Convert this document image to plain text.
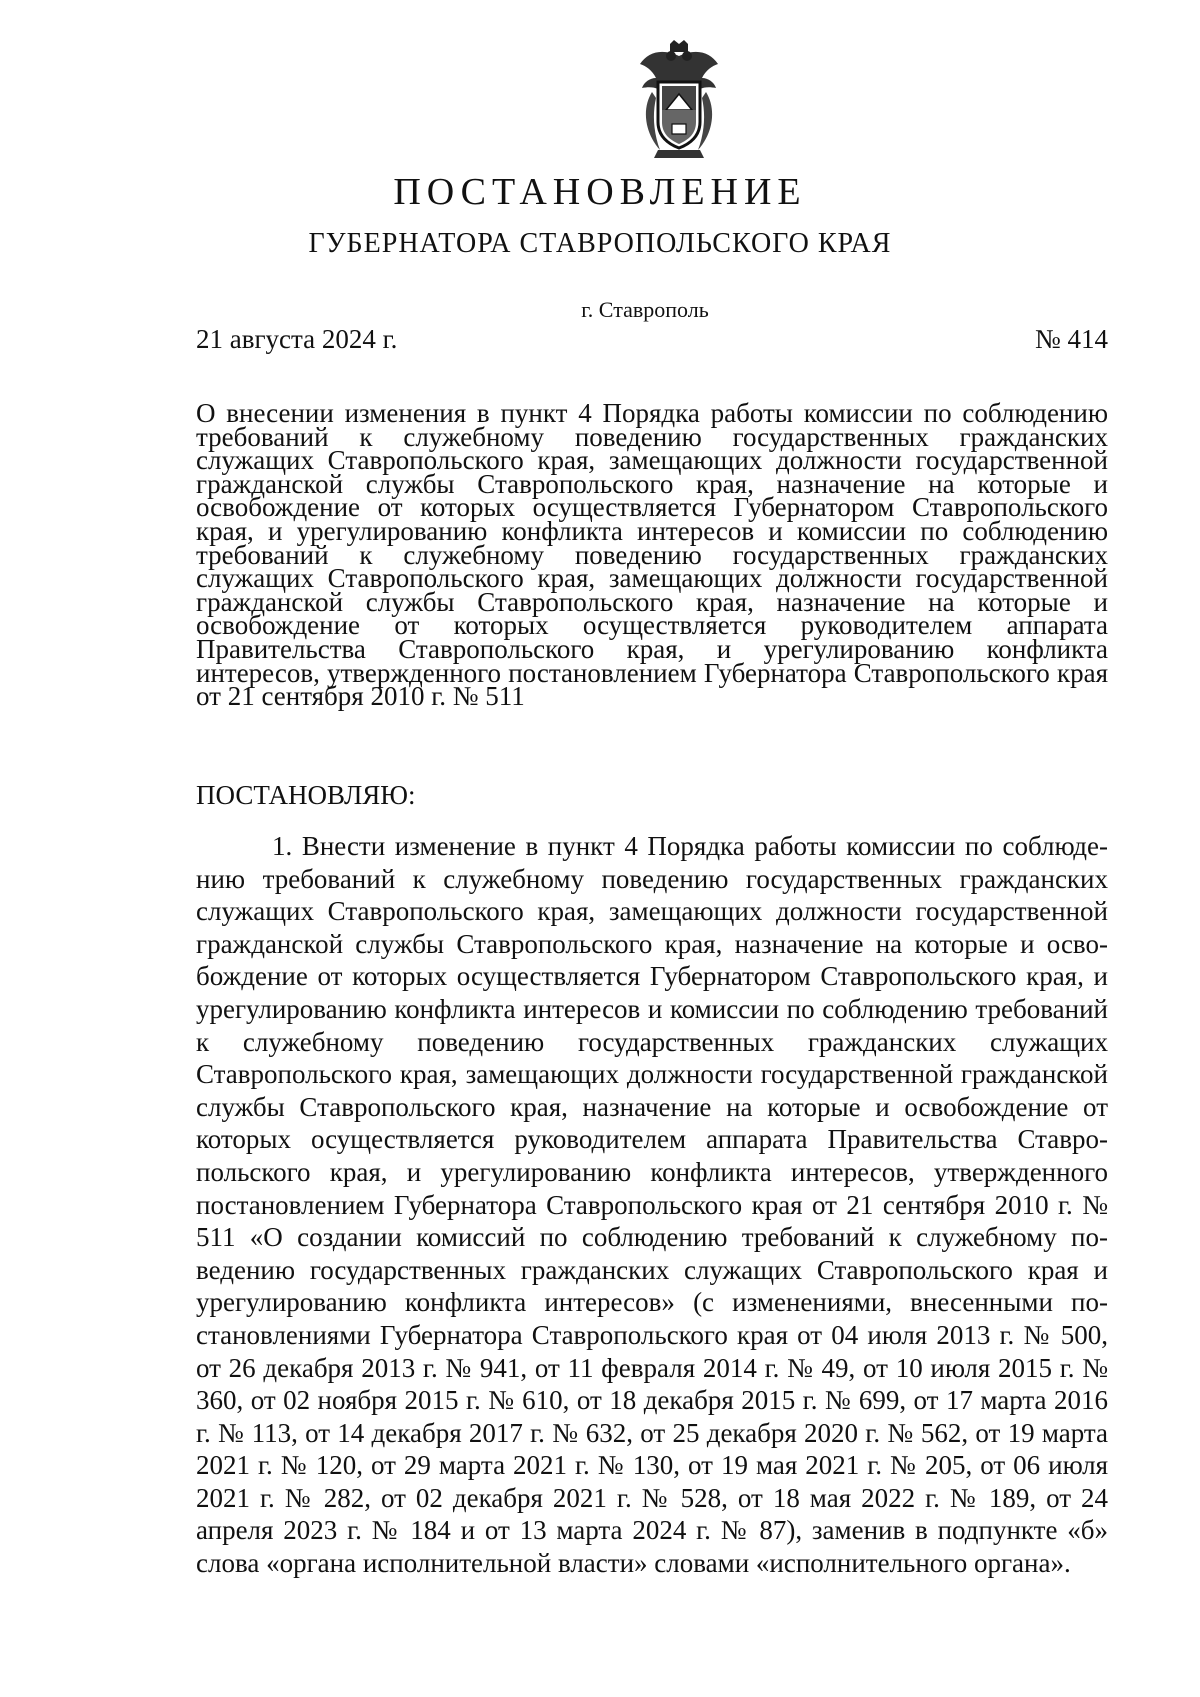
ПОСТАНОВЛЕНИЕ
ГУБЕРНАТОРА СТАВРОПОЛЬСКОГО КРАЯ
г. Ставрополь
21 августа 2024 г.	№ 414
О внесении изменения в пункт 4 Порядка работы комиссии по соблюдению требований к служебному поведению государственных гражданских служащих Ставропольского края, замещающих должности государственной гражданской службы Ставропольского края, назначение на которые и освобождение от которых осуществляется Губернатором Ставропольского края, и урегулированию конфликта интересов и комиссии по соблюдению требований к служебному поведению государственных гражданских служащих Ставропольского края, замещающих должности государственной гражданской службы Ставропольского края, назначение на которые и освобождение от которых осуществляется руководителем аппарата Правительства Ставропольского края, и урегулированию конфликта интересов, утвержденного постановлением Губернатора Ставропольского края от 21 сентября 2010 г. № 511
ПОСТАНОВЛЯЮ:
1. Внести изменение в пункт 4 Порядка работы комиссии по соблюдению требований к служебному поведению государственных гражданских служащих Ставропольского края, замещающих должности государственной гражданской службы Ставропольского края, назначение на которые и освобождение от которых осуществляется Губернатором Ставропольского края, и урегулированию конфликта интересов и комиссии по соблюдению требований к служебному поведению государственных гражданских служащих Ставропольского края, замещающих должности государственной гражданской службы Ставропольского края, назначение на которые и освобождение от которых осуществляется руководителем аппарата Правительства Ставропольского края, и урегулированию конфликта интересов, утвержденного постановлением Губернатора Ставропольского края от 21 сентября 2010 г. № 511 «О создании комиссий по соблюдению требований к служебному поведению государственных гражданских служащих Ставропольского края и урегулированию конфликта интересов» (с изменениями, внесенными постановлениями Губернатора Ставропольского края от 04 июля 2013 г. № 500, от 26 декабря 2013 г. № 941, от 11 февраля 2014 г. № 49, от 10 июля 2015 г. № 360, от 02 ноября 2015 г. № 610, от 18 декабря 2015 г. № 699, от 17 марта 2016 г. № 113, от 14 декабря 2017 г. № 632, от 25 декабря 2020 г. № 562, от 19 марта 2021 г. № 120, от 29 марта 2021 г. № 130, от 19 мая 2021 г. № 205, от 06 июля 2021 г. № 282, от 02 декабря 2021 г. № 528, от 18 мая 2022 г. № 189, от 24 апреля 2023 г. № 184 и от 13 марта 2024 г. № 87), заменив в подпункте «б» слова «органа исполнительной власти» словами «исполнительного органа».
